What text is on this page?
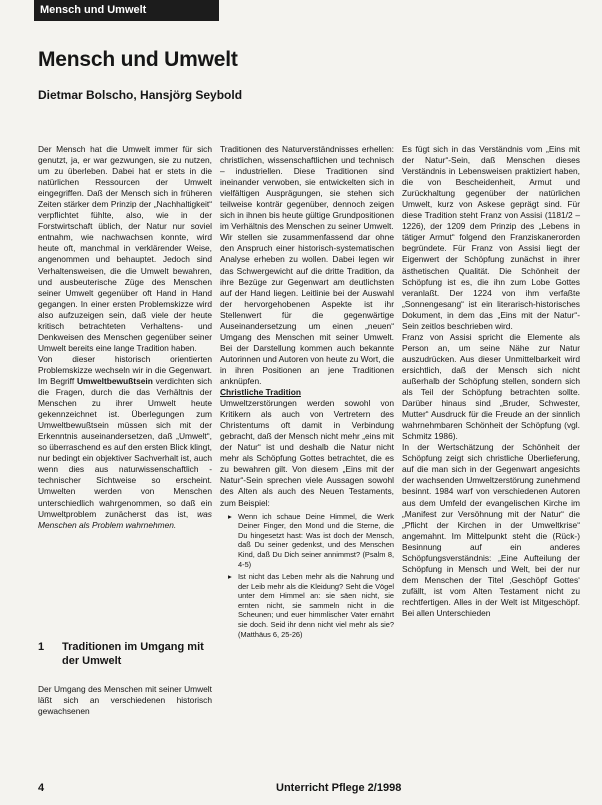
Mensch und Umwelt
Mensch und Umwelt

Dietmar Bolscho, Hansjörg Seybold

Der Mensch hat die Umwelt immer für sich genutzt, ja, er war gezwungen, sie zu nutzen, um zu überleben. Dabei hat er stets in die natürlichen Ressourcen der Umwelt eingegriffen. Daß der Mensch sich in früheren Zeiten stärker dem Prinzip der „Nachhaltigkeit“ verpflichtet fühlte, also, wie in der Forstwirtschaft üblich, der Natur nur soviel entnahm, wie nachwachsen konnte, wird heute oft, manchmal in verklärender Weise, angenommen und behauptet. Jedoch sind Verhaltensweisen, die die Umwelt bewahren, und ausbeuterische Züge des Menschen seiner Umwelt gegenüber oft Hand in Hand gegangen. In einer ersten Problemskizze wird also aufzuzeigen sein, daß viele der heute kritisch betrachteten Verhaltens- und Denkweisen des Menschen gegenüber seiner Umwelt bereits eine lange Tradition haben.

Von dieser historisch orientierten Problemskizze wechseln wir in die Gegenwart. Im Begriff Umweltbewußtsein verdichten sich die Fragen, durch die das Verhältnis der Menschen zu ihrer Umwelt heute gekennzeichnet ist. Überlegungen zum Umweltbewußtsein müssen sich mit der Erkenntnis auseinandersetzen, daß „Umwelt“, so überraschend es auf den ersten Blick klingt, nur bedingt ein objektiver Sachverhalt ist, auch wenn dies aus naturwissenschaftlich - technischer Sichtweise so erscheint. Umwelten werden von Menschen unterschiedlich wahrgenommen, so daß ein Umweltproblem zunächerst das ist, was Menschen als Problem wahrnehmen.

1 Traditionen im Umgang mit der Umwelt
Der Umgang des Menschen mit seiner Umwelt läßt sich an verschiedenen historisch gewachsenen

Traditionen des Naturverständnisses erhellen: christlichen, wissenschaftlichen und technisch – industriellen. Diese Traditionen sind ineinander verwoben, sie entwickelten sich in vielfältigen Ausprägungen, sie stehen sich teilweise konträr gegenüber, dennoch zeigen sich in ihnen bis heute gültige Grundpositionen im Verhältnis des Menschen zu seiner Umwelt.

Wir stellen sie zusammenfassend dar ohne den Anspruch einer historisch-systematischen Analyse erheben zu wollen. Dabei legen wir das Schwergewicht auf die dritte Tradition, da ihre Bezüge zur Gegenwart am deutlichsten auf der Hand liegen. Leitlinie bei der Auswahl der hervorgehobenen Aspekte ist ihr Stellenwert für die gegenwärtige Auseinandersetzung um einen „neuen“ Umgang des Menschen mit seiner Umwelt. Bei der Darstellung kommen auch bekannte Autorinnen und Autoren von heute zu Wort, die in ihren Positionen an jene Traditionen anknüpfen.

Christliche Tradition

Umweltzerstörungen werden sowohl von Kritikern als auch von Vertretern des Christentums oft damit in Verbindung gebracht, daß der Mensch nicht mehr „eins mit der Natur“ ist und deshalb die Natur nicht mehr als Schöpfung Gottes betrachtet, die es zu bewahren gilt. Von diesem „Eins mit der Natur“-Sein sprechen viele Aussagen sowohl des Alten als auch des Neuen Testaments, zum Beispiel:

▸ Wenn ich schaue Deine Himmel, die Werk Deiner Finger, den Mond und die Sterne, die Du hingesetzt hast: Was ist doch der Mensch, daß Du seiner gedenkst, und des Menschen Kind, daß Du Dich seiner annimmst? (Psalm 8, 4-5)
▸ Ist nicht das Leben mehr als die Nahrung und der Leib mehr als die Kleidung? Seht die Vögel unter dem Himmel an: sie säen nicht, sie ernten nicht, sie sammeln nicht in die Scheunen; und euer himmlischer Vater ernährt sie doch. Seid ihr denn nicht viel mehr als sie? (Matthäus 6, 25-26)

Es fügt sich in das Verständnis vom „Eins mit der Natur“-Sein, daß Menschen dieses Verständnis in Lebensweisen praktiziert haben, die von Bescheidenheit, Armut und Zurückhaltung gegenüber der natürlichen Umwelt, kurz von Askese geprägt sind. Für diese Tradition steht Franz von Assisi (1181/2 –1226), der 1209 dem Prinzip des „Lebens in tätiger Armut“ folgend den Franziskanerorden begründete. Für Franz von Assisi liegt der Eigenwert der Schöpfung zunächst in ihrer ästhetischen Qualität. Die Schönheit der Schöpfung ist es, die ihn zum Lobe Gottes veranlaßt. Der 1224 von ihm verfaßte „Sonnengesang“ ist ein literarisch-historisches Dokument, in dem das „Eins mit der Natur“-Sein zeitlos beschrieben wird.

Franz von Assisi spricht die Elemente als Person an, um seine Nähe zur Natur auszudrücken. Aus dieser Unmittelbarkeit wird ersichtlich, daß der Mensch sich nicht außerhalb der Schöpfung stellen, sondern sich als Teil der Schöpfung betrachten sollte. Darüber hinaus sind „Bruder, Schwester, Mutter“ Ausdruck für die Freude an der sinnlich wahrnehmbaren Schönheit der Schöpfung (vgl. Schmitz 1986).

In der Wertschätzung der Schönheit der Schöpfung zeigt sich christliche Überlieferung, auf die man sich in der Gegenwart angesichts der wachsenden Umweltzerstörung zunehmend besinnt. 1984 warf von verschiedenen Autoren aus dem Umfeld der evangelischen Kirche im „Manifest zur Versöhnung mit der Natur“ die „Pflicht der Kirchen in der Umweltkrise“ angemahnt. Im Mittelpunkt steht die (Rück-) Besinnung auf ein anderes Schöpfungsverständnis: „Eine Aufteilung der Schöpfung in Mensch und Welt, bei der nur dem Menschen der Titel ‚Geschöpf Gottes‘ zufällt, ist vom Alten Testament nicht zu rechtfertigen. Alles in der Welt ist Mitgeschöpf. Bei allen Unterschieden

4	Unterricht Pflege 2/1998
